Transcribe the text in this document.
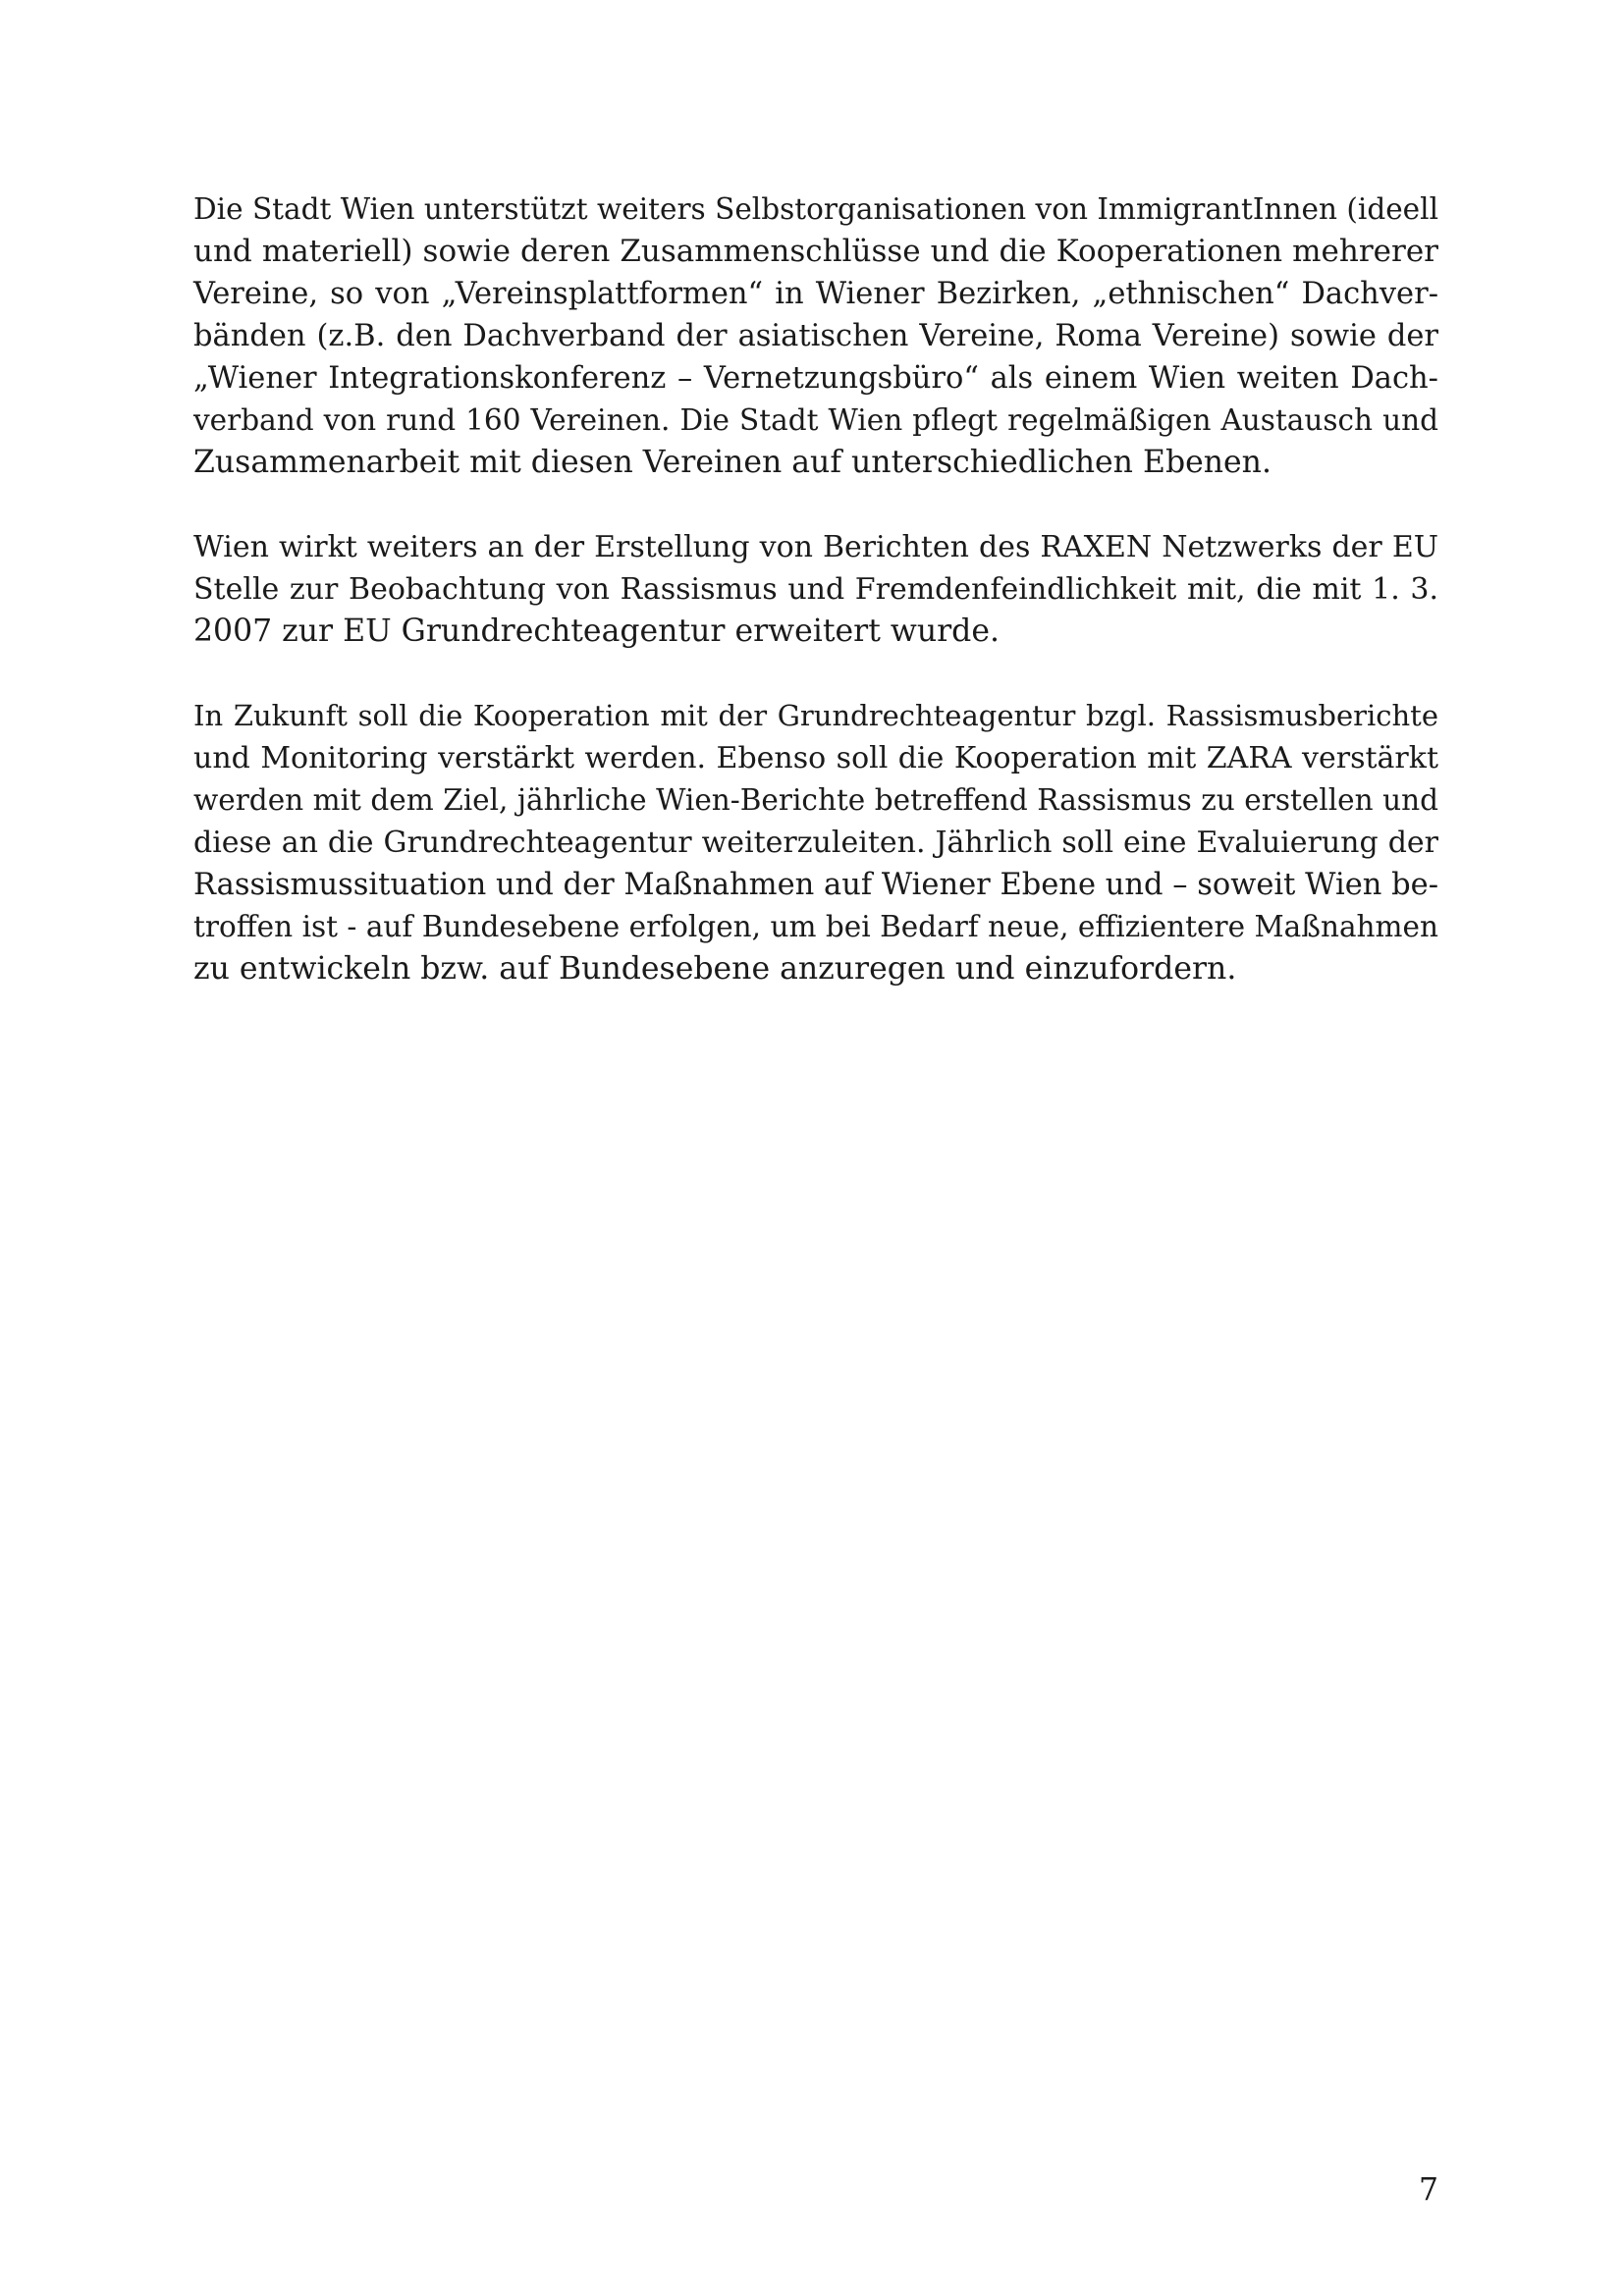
Die Stadt Wien unterstützt weiters Selbstorganisationen von ImmigrantInnen (ideell
und materiell) sowie deren Zusammenschlüsse und die Kooperationen mehrerer
Vereine, so von „Vereinsplattformen“ in Wiener Bezirken, „ethnischen“ Dachver-
bänden (z.B. den Dachverband der asiatischen Vereine, Roma Vereine) sowie der
„Wiener Integrationskonferenz – Vernetzungsbüro“ als einem Wien weiten Dach-
verband von rund 160 Vereinen. Die Stadt Wien pflegt regelmäßigen Austausch und
Zusammenarbeit mit diesen Vereinen auf unterschiedlichen Ebenen.

Wien wirkt weiters an der Erstellung von Berichten des RAXEN Netzwerks der EU
Stelle zur Beobachtung von Rassismus und Fremdenfeindlichkeit mit, die mit 1. 3.
2007 zur EU Grundrechteagentur erweitert wurde.

In Zukunft soll die Kooperation mit der Grundrechteagentur bzgl. Rassismusberichte
und Monitoring verstärkt werden. Ebenso soll die Kooperation mit ZARA verstärkt
werden mit dem Ziel, jährliche Wien-Berichte betreffend Rassismus zu erstellen und
diese an die Grundrechteagentur weiterzuleiten. Jährlich soll eine Evaluierung der
Rassismussituation und der Maßnahmen auf Wiener Ebene und – soweit Wien be-
troffen ist - auf Bundesebene erfolgen, um bei Bedarf neue, effizientere Maßnahmen
zu entwickeln bzw. auf Bundesebene anzuregen und einzufordern.

7
